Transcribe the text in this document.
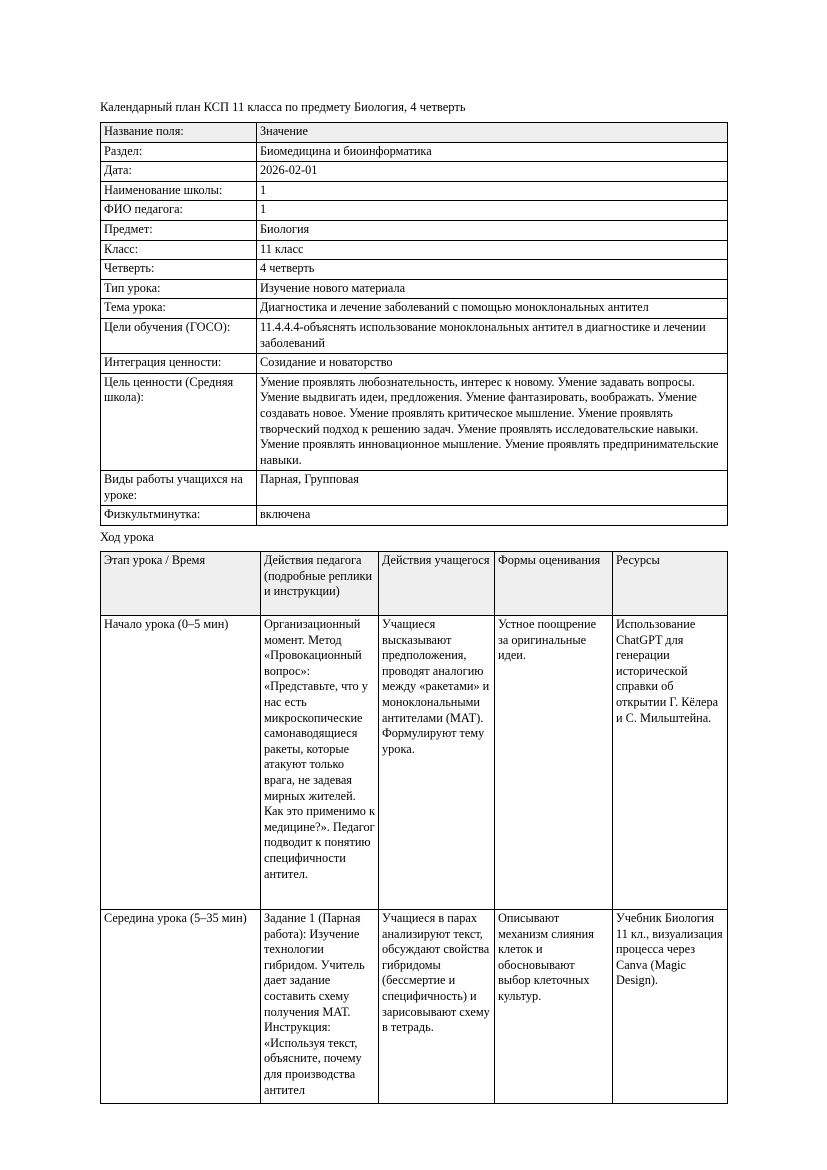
Календарный план КСП 11 класса по предмету Биология, 4 четверть
Название поля:	Значение
Раздел:	Биомедицина и биоинформатика
Дата:	2026-02-01
Наименование школы:	1
ФИО педагога:	1
Предмет:	Биология
Класс:	11 класс
Четверть:	4 четверть
Тип урока:	Изучение нового материала
Тема урока:	Диагностика и лечение заболеваний с помощью моноклональных антител
Цели обучения (ГОСО):	11.4.4.4-объяснять использование моноклональных антител в диагностике и лечении заболеваний
Интеграция ценности:	Созидание и новаторство
Цель ценности (Средняя школа):	Умение проявлять любознательность, интерес к новому. Умение задавать вопросы. Умение выдвигать идеи, предложения. Умение фантазировать, воображать. Умение создавать новое. Умение проявлять критическое мышление. Умение проявлять творческий подход к решению задач. Умение проявлять исследовательские навыки. Умение проявлять инновационное мышление. Умение проявлять предпринимательские навыки.
Виды работы учащихся на уроке:	Парная, Групповая
Физкультминутка:	включена
Ход урока
Этап урока / Время	Действия педагога (подробные реплики и инструкции)	Действия учащегося	Формы оценивания	Ресурсы
Начало урока (0–5 мин)	Организационный момент. Метод «Провокационный вопрос»: «Представьте, что у нас есть микроскопические самонаводящиеся ракеты, которые атакуют только врага, не задевая мирных жителей. Как это применимо к медицине?». Педагог подводит к понятию специфичности антител.	Учащиеся высказывают предположения, проводят аналогию между «ракетами» и моноклональными антителами (МАТ). Формулируют тему урока.	Устное поощрение за оригинальные идеи.	Использование ChatGPT для генерации исторической справки об открытии Г. Кёлера и С. Мильштейна.
Середина урока (5–35 мин)	Задание 1 (Парная работа): Изучение технологии гибридом. Учитель дает задание составить схему получения МАТ. Инструкция: «Используя текст, объясните, почему для производства антител	Учащиеся в парах анализируют текст, обсуждают свойства гибридомы (бессмертие и специфичность) и зарисовывают схему в тетрадь.	Описывают механизм слияния клеток и обосновывают выбор клеточных культур.	Учебник Биология 11 кл., визуализация процесса через Canva (Magic Design).
